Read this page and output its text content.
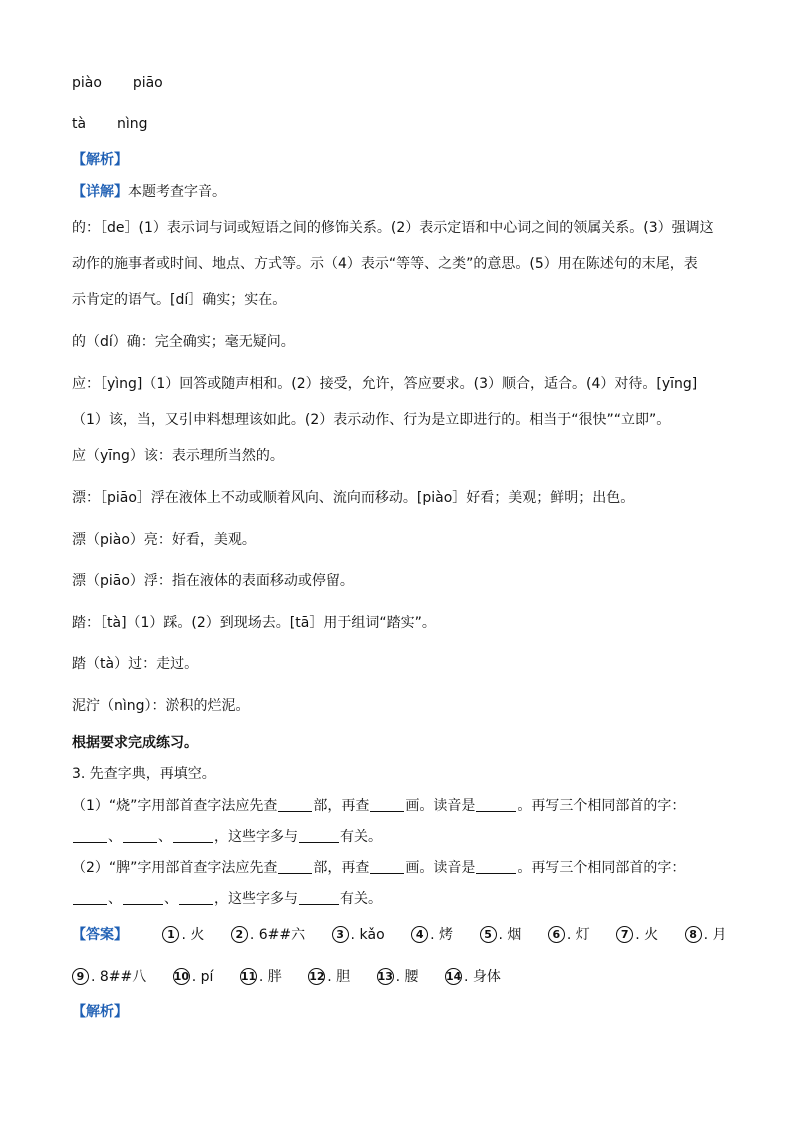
piào piāo
tà nìng
【解析】
【详解】本题考查字音。
的：［de］(1）表示词与词或短语之间的修饰关系。(2）表示定语和中心词之间的领属关系。(3）强调这
动作的施事者或时间、地点、方式等。示（4）表示“等等、之类”的意思。(5）用在陈述句的末尾，表
示肯定的语气。[dí］确实；实在。
的（dí）确：完全确实；毫无疑问。
应：［yìng]（1）回答或随声相和。(2）接受，允许，答应要求。(3）顺合，适合。(4）对待。[yīng]
（1）该，当，又引申料想理该如此。(2）表示动作、行为是立即进行的。相当于“很快”“立即”。
应（yīng）该：表示理所当然的。
漂：［piāo］浮在液体上不动或顺着风向、流向而移动。[piào］好看；美观；鲜明；出色。
漂（piào）亮：好看，美观。
漂（piāo）浮：指在液体的表面移动或停留。
踏：［tà]（1）踩。(2）到现场去。[tā］用于组词“踏实”。
踏（tà）过：走过。
泥泞（nìng）：淤积的烂泥。
根据要求完成练习。
3. 先查字典，再填空。
（1）“烧”字用部首查字法应先查	部，再查	画。读音是	。再写三个相同部首的字：
、	、	，这些字多与	有关。
（2）“脾”字用部首查字法应先查	部，再查	画。读音是	。再写三个相同部首的字：
、	、	，这些字多与	有关。
【答案】	1 . 火	2 . 6##六	3 . kǎo	4 . 烤	5 . 烟	6 . 灯	7 . 火	8 . 月
9 . 8##八 10 . pí 11 . 胖 12 . 胆 13 . 腰 14 . 身体
【解析】
